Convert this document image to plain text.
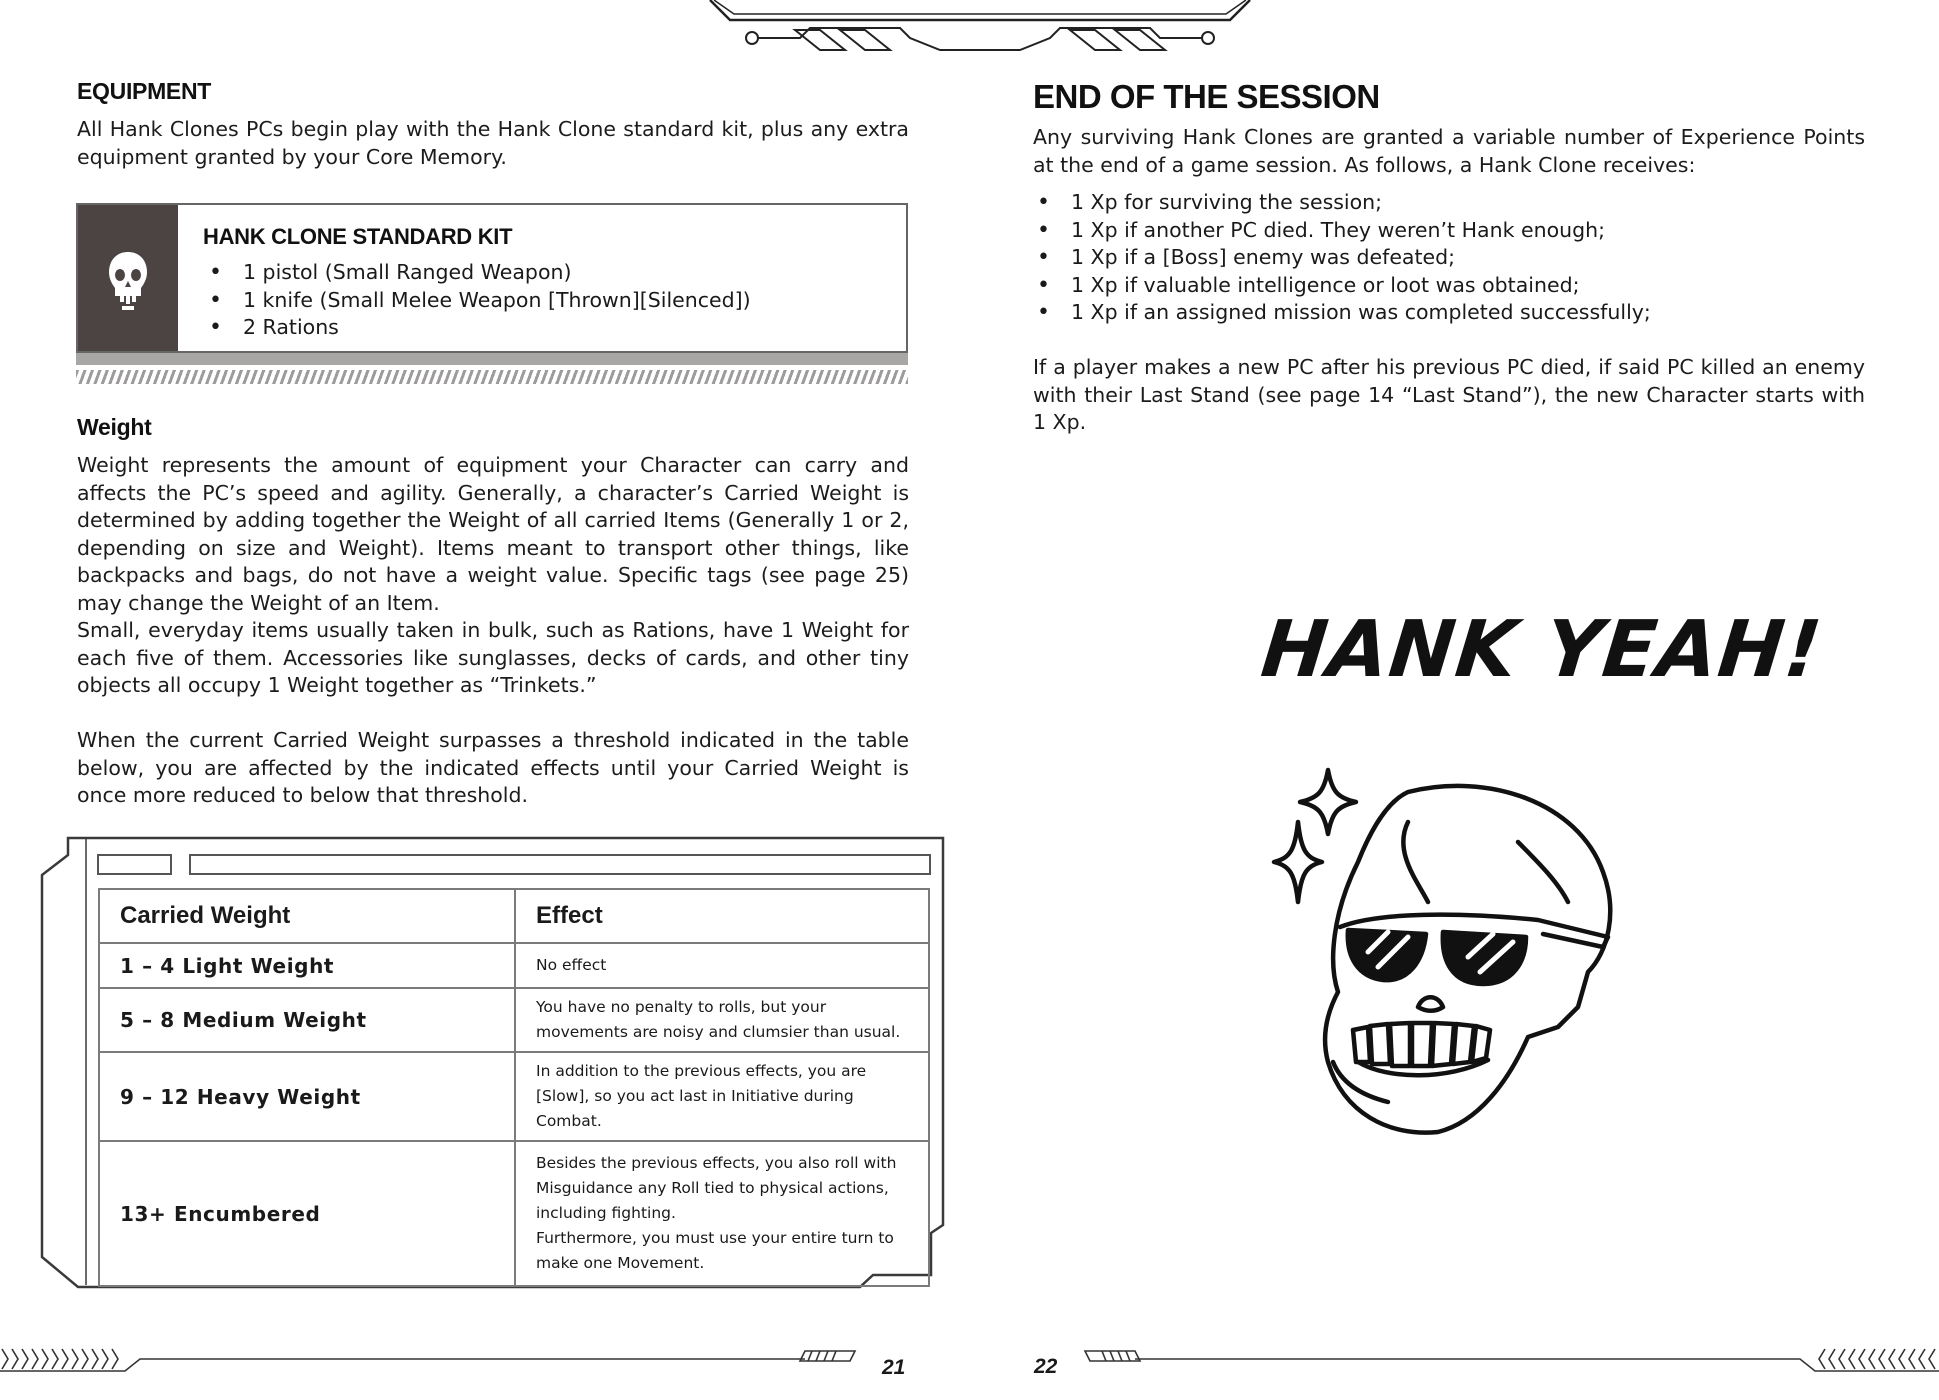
EQUIPMENT
All Hank Clones PCs begin play with the Hank Clone standard kit, plus any extra equipment granted by your Core Memory.
HANK CLONE STANDARD KIT
• 1 pistol (Small Ranged Weapon)
• 1 knife (Small Melee Weapon [Thrown][Silenced])
• 2 Rations
Weight
Weight represents the amount of equipment your Character can carry and affects the PC’s speed and agility. Generally, a character’s Carried Weight is determined by adding together the Weight of all carried Items (Generally 1 or 2, depending on size and Weight). Items meant to transport other things, like backpacks and bags, do not have a weight value. Specific tags (see page 25) may change the Weight of an Item.
Small, everyday items usually taken in bulk, such as Rations, have 1 Weight for each five of them. Accessories like sunglasses, decks of cards, and other tiny objects all occupy 1 Weight together as “Trinkets.”
When the current Carried Weight surpasses a threshold indicated in the table below, you are affected by the indicated effects until your Carried Weight is once more reduced to below that threshold.
Carried Weight	Effect
1 – 4 Light Weight	No effect
5 – 8 Medium Weight	You have no penalty to rolls, but your movements are noisy and clumsier than usual.
9 – 12 Heavy Weight	In addition to the previous effects, you are [Slow], so you act last in Initiative during Combat.
13+ Encumbered	Besides the previous effects, you also roll with Misguidance any Roll tied to physical actions, including fighting.
Furthermore, you must use your entire turn to make one Movement.
21
END OF THE SESSION
Any surviving Hank Clones are granted a variable number of Experience Points at the end of a game session. As follows, a Hank Clone receives:
• 1 Xp for surviving the session;
• 1 Xp if another PC died. They weren’t Hank enough;
• 1 Xp if a [Boss] enemy was defeated;
• 1 Xp if valuable intelligence or loot was obtained;
• 1 Xp if an assigned mission was completed successfully;
If a player makes a new PC after his previous PC died, if said PC killed an enemy with their Last Stand (see page 14 “Last Stand”), the new Character starts with 1 Xp.
HANK YEAH!
22
